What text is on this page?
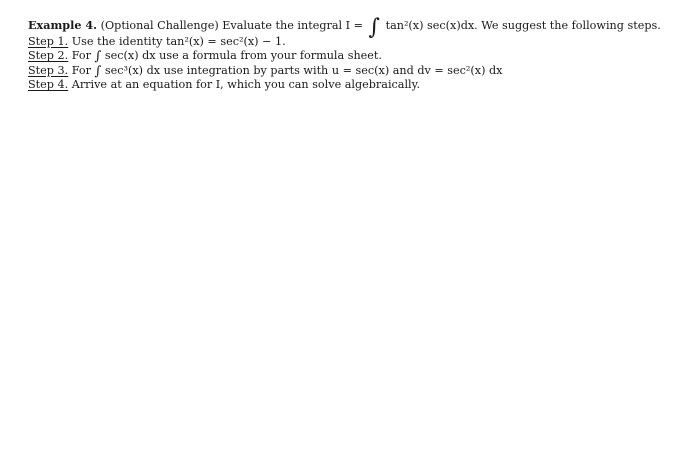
Example 4. (Optional Challenge) Evaluate the integral I = ∫ tan²(x) sec(x)dx. We suggest the following steps.
Step 1. Use the identity tan²(x) = sec²(x) − 1.
Step 2. For ∫ sec(x) dx use a formula from your formula sheet.
Step 3. For ∫ sec³(x) dx use integration by parts with u = sec(x) and dv = sec²(x) dx
Step 4. Arrive at an equation for I, which you can solve algebraically.
